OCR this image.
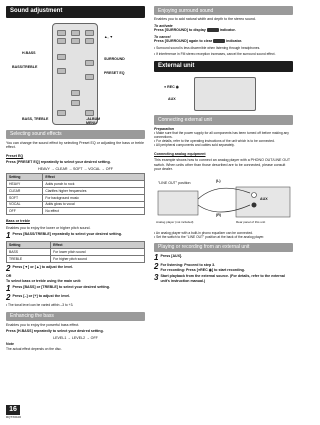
Sound adjustment
H.BASS
BASS/TREBLE
▲, ▼
SURROUND
PRESET EQ
BASS, TREBLE	-ALBUM
MENU
Selecting sound effects
You can change the sound effect by selecting Preset EQ or adjusting the bass or treble effect.
Preset EQ
Press [PRESET EQ] repeatedly to select your desired setting.
HEAVY → CLEAR → SOFT → VOCAL → OFF
Setting	Effect
HEAVY	Adds punch to rock
CLEAR	Clarifies higher frequencies
SOFT	For background music
VOCAL	Adds gloss to vocal
OFF	No effect
Bass or treble
Enables you to enjoy the lower or higher pitch sound.
1 Press [BASS/TREBLE] repeatedly to select your desired setting.
Setting	Effect
BASS	For lower pitch sound
TREBLE	For higher pitch sound
2 Press [▼] or [▲] to adjust the level.
OR
To select bass or treble using the main unit:
1 Press [BASS] or [TREBLE] to select your desired setting.
2 Press [–] or [+] to adjust the level.
• The tonal level can be varied within –3 to +3.
Enhancing the bass
Enables you to enjoy the powerful bass effect.
Press [H.BASS] repeatedly to select your desired setting.
LEVEL1 → LEVEL2 → OFF
Note
The actual effect depends on the disc.
Enjoying surround sound
Enables you to add natural width and depth to the stereo sound.
To activate
Press [SURROUND] to display	indicator.
To cancel
Press [SURROUND] again to clear	indicator.
• Surround sound is less discernible when listening through headphones.
• If interference in FM stereo reception increases, cancel the surround sound effect.
External unit
● REC ◉
AUX
Connecting external unit
Preparation
• Make sure that the power supply for all components has been turned off before making any connections.
• For details, refer to the operating instructions of the unit which is to be connected.
• All peripheral components and cables sold separately.
Connecting analog equipment
This example shows how to connect an analog player with a PHONO OUT/LINE OUT switch. When units other than those described are to be connected, please consult your dealer.
(L)
(R)
AUX
"LINE OUT" position
Analog player (not included)	Rear panel of this unit
• An analog player with a built-in phono equalizer can be connected.
• Set the switch to the "LINE OUT" position at the back of the analog player.
Playing or recording from an external unit
1 Press [AUX].
2 For listening: Proceed to step 3.
For recording: Press [●REC ◉] to start recording.
3 Start playback from the external source. (For details, refer to the external unit's instruction manual.)
16
RQTX0100
